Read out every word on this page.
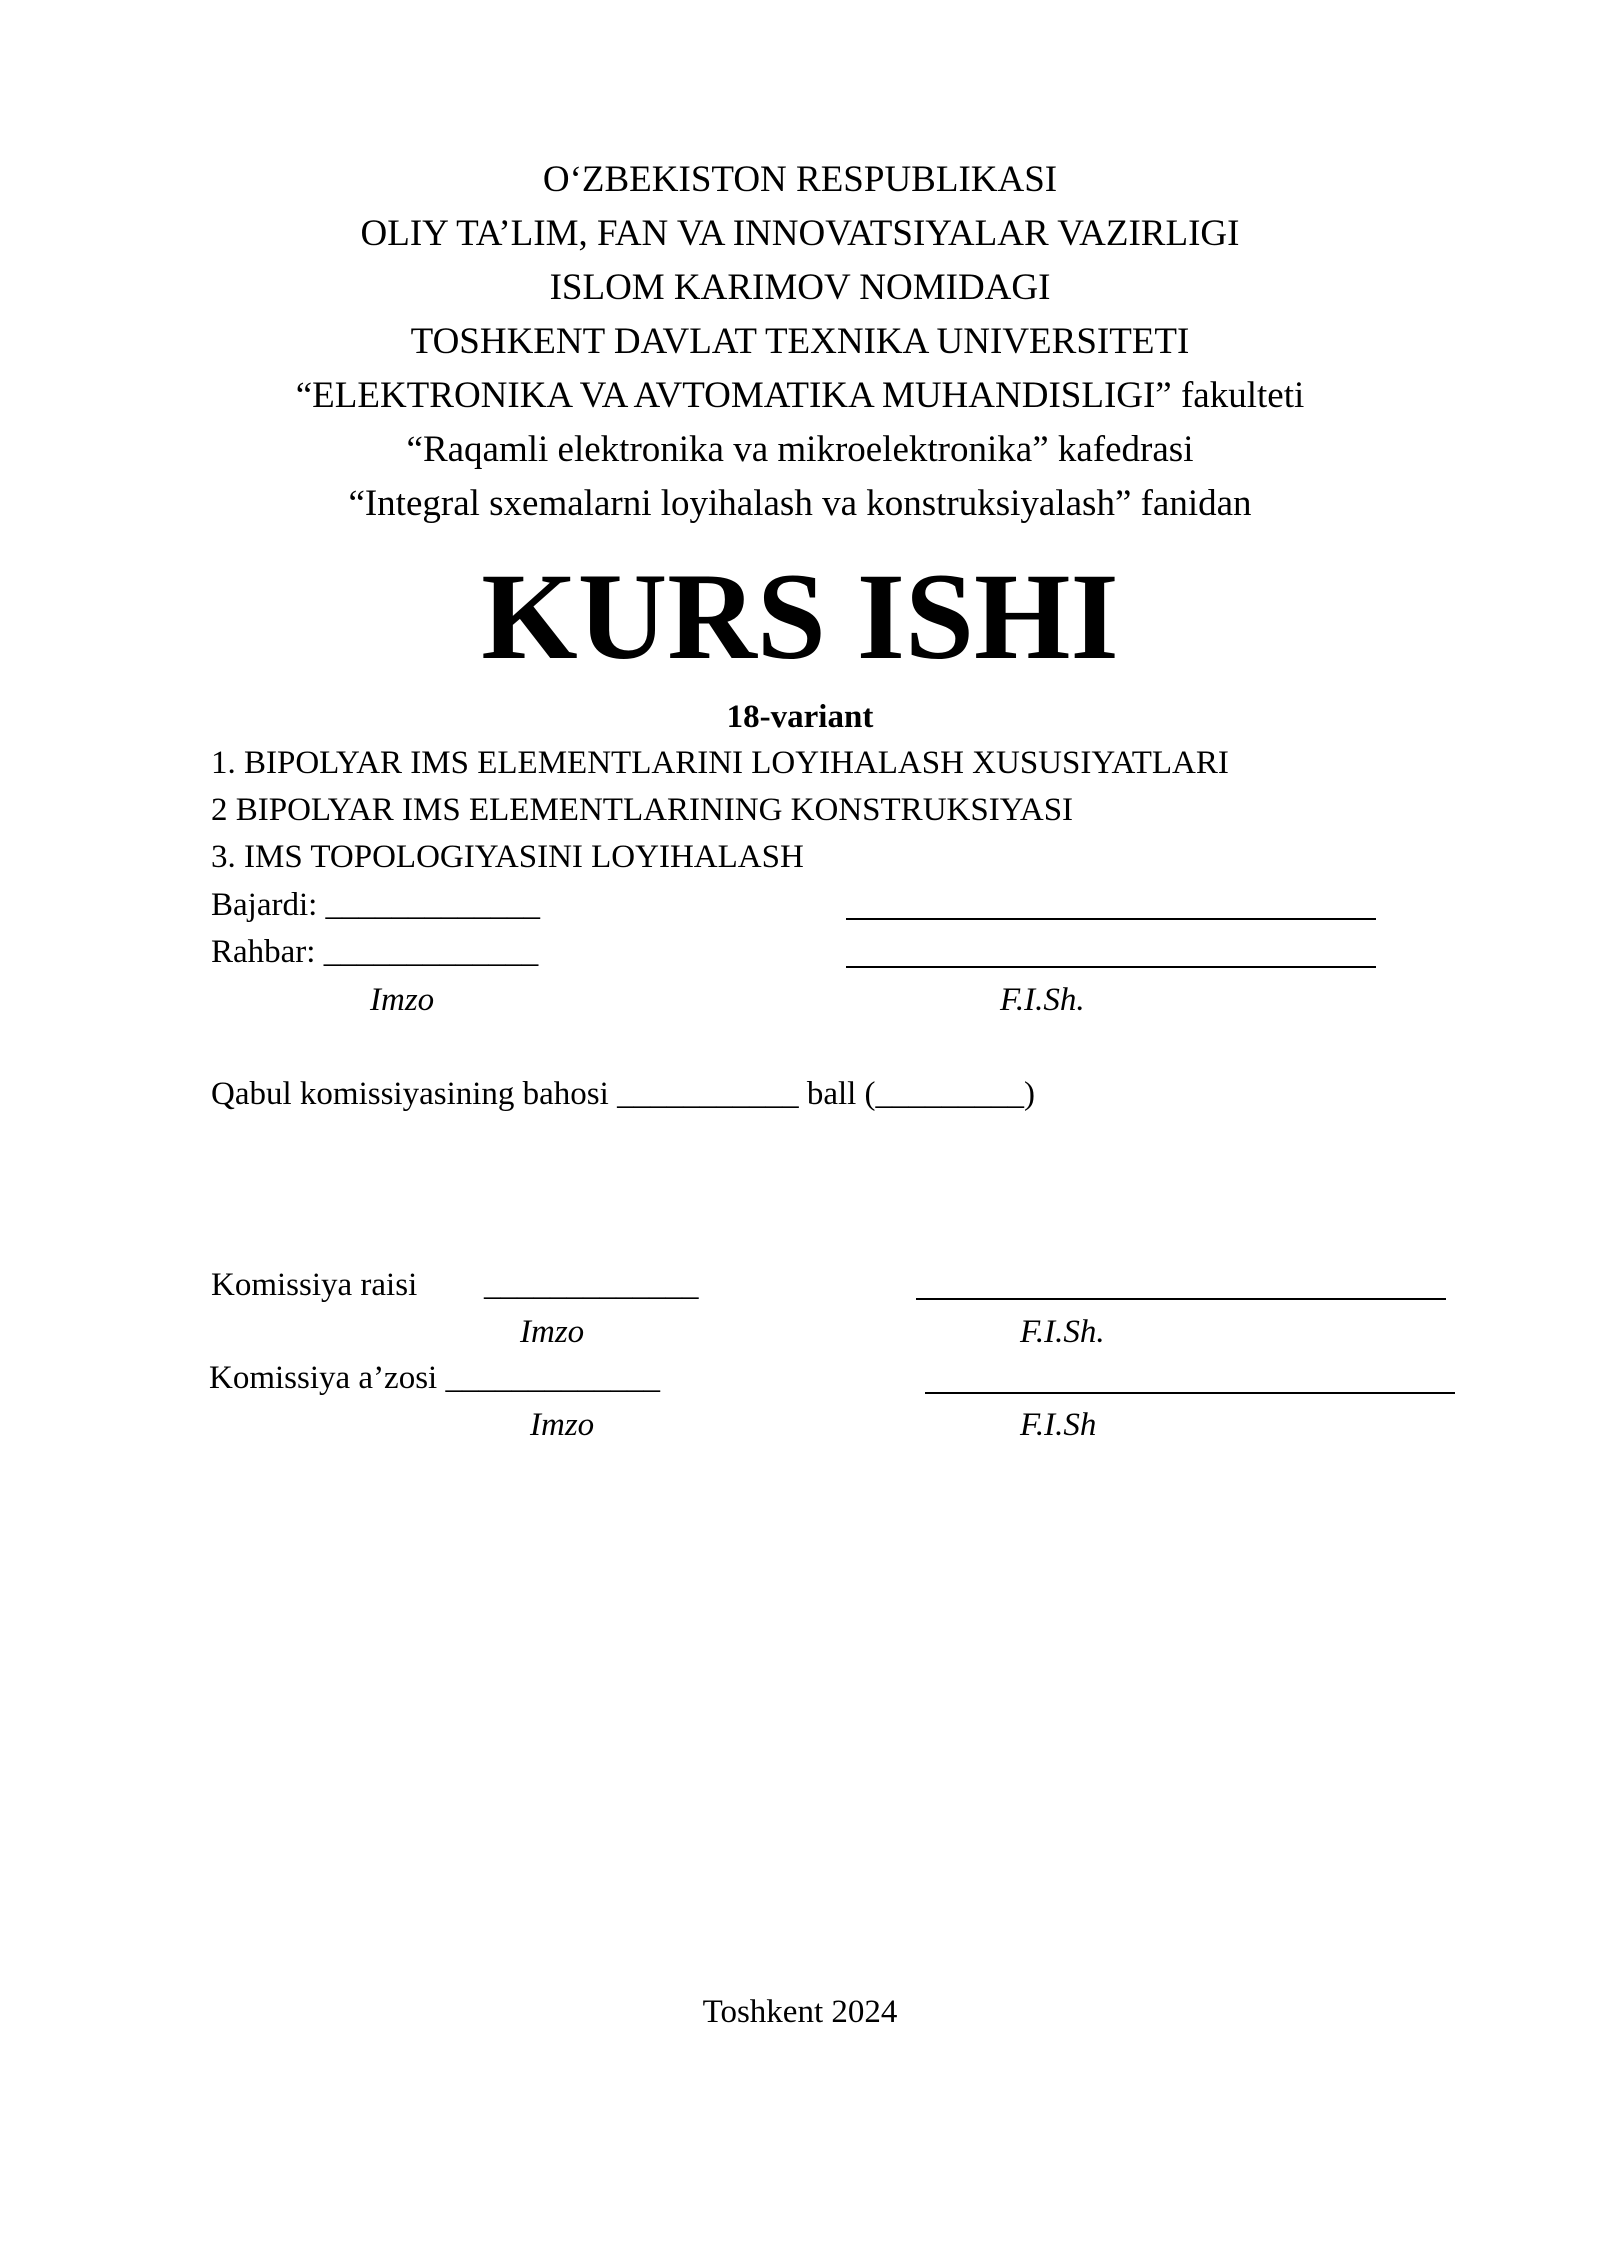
O‘ZBEKISTON RESPUBLIKASI
OLIY TA’LIM, FAN VA INNOVATSIYALAR VAZIRLIGI
ISLOM KARIMOV NOMIDAGI
TOSHKENT DAVLAT TEXNIKA UNIVERSITETI
“ELEKTRONIKA VA AVTOMATIKA MUHANDISLIGI” fakulteti
“Raqamli elektronika va mikroelektronika” kafedrasi
“Integral sxemalarni loyihalash va konstruksiyalash” fanidan
KURS ISHI
18-variant
1. BIPOLYAR IMS ELEMENTLARINI LOYIHALASH XUSUSIYATLARI
2 BIPOLYAR IMS ELEMENTLARINING KONSTRUKSIYASI
3. IMS TOPOLOGIYASINI LOYIHALASH
Bajardi: _____________
Rahbar: _____________
Imzo	F.I.Sh.
Qabul komissiyasining bahosi ___________ ball (_________)
Komissiya raisi _____________
Imzo	F.I.Sh.
Komissiya a’zosi _____________
Imzo	F.I.Sh
Toshkent 2024
